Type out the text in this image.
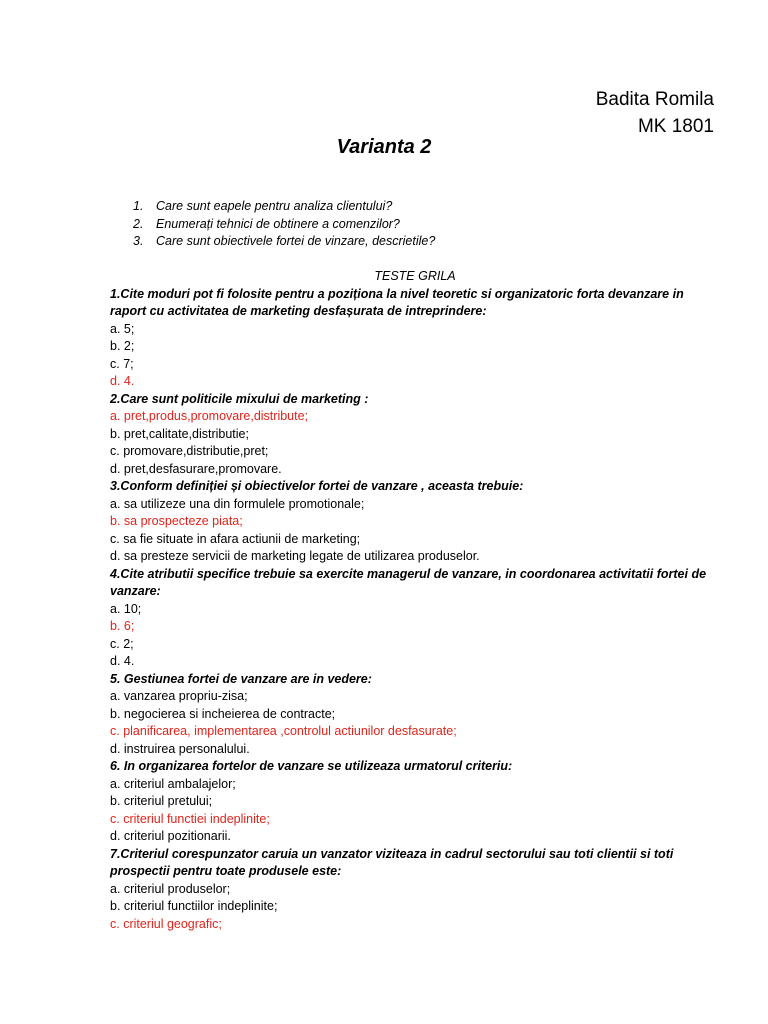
Badita Romila
MK 1801
Varianta 2
1.	Care sunt eapele pentru analiza clientului?
2.	Enumerați tehnici de obtinere a comenzilor?
3.	Care sunt obiectivele fortei de vinzare, descrietile?
TESTE GRILA
1.Cite moduri pot fi folosite pentru a poziționa la nivel teoretic si organizatoric forta devanzare in raport cu activitatea de marketing desfașurata de intreprindere:
a. 5;
b. 2;
c. 7;
d. 4.
2.Care sunt politicile mixului de marketing :
a. pret,produs,promovare,distribute;
b. pret,calitate,distributie;
c. promovare,distributie,pret;
d. pret,desfasurare,promovare.
3.Conform definiției și obiectivelor fortei de vanzare , aceasta trebuie:
a. sa utilizeze una din formulele promotionale;
b. sa prospecteze piata;
c. sa fie situate in afara actiunii de marketing;
d. sa presteze servicii de marketing legate de utilizarea produselor.
4.Cite atributii specifice trebuie sa exercite managerul de vanzare, in coordonarea activitatii fortei de vanzare:
a. 10;
b. 6;
c. 2;
d. 4.
5. Gestiunea fortei de vanzare are in vedere:
a. vanzarea propriu-zisa;
b. negocierea si incheierea de contracte;
c. planificarea, implementarea ,controlul actiunilor desfasurate;
d. instruirea personalului.
6. In organizarea fortelor de vanzare se utilizeaza urmatorul criteriu:
a. criteriul ambalajelor;
b. criteriul pretului;
c. criteriul functiei indeplinite;
d. criteriul pozitionarii.
7.Criteriul corespunzator caruia un vanzator viziteaza in cadrul sectorului sau toti clientii si toti prospectii pentru toate produsele este:
a. criteriul produselor;
b. criteriul functiilor indeplinite;
c. criteriul geografic;
